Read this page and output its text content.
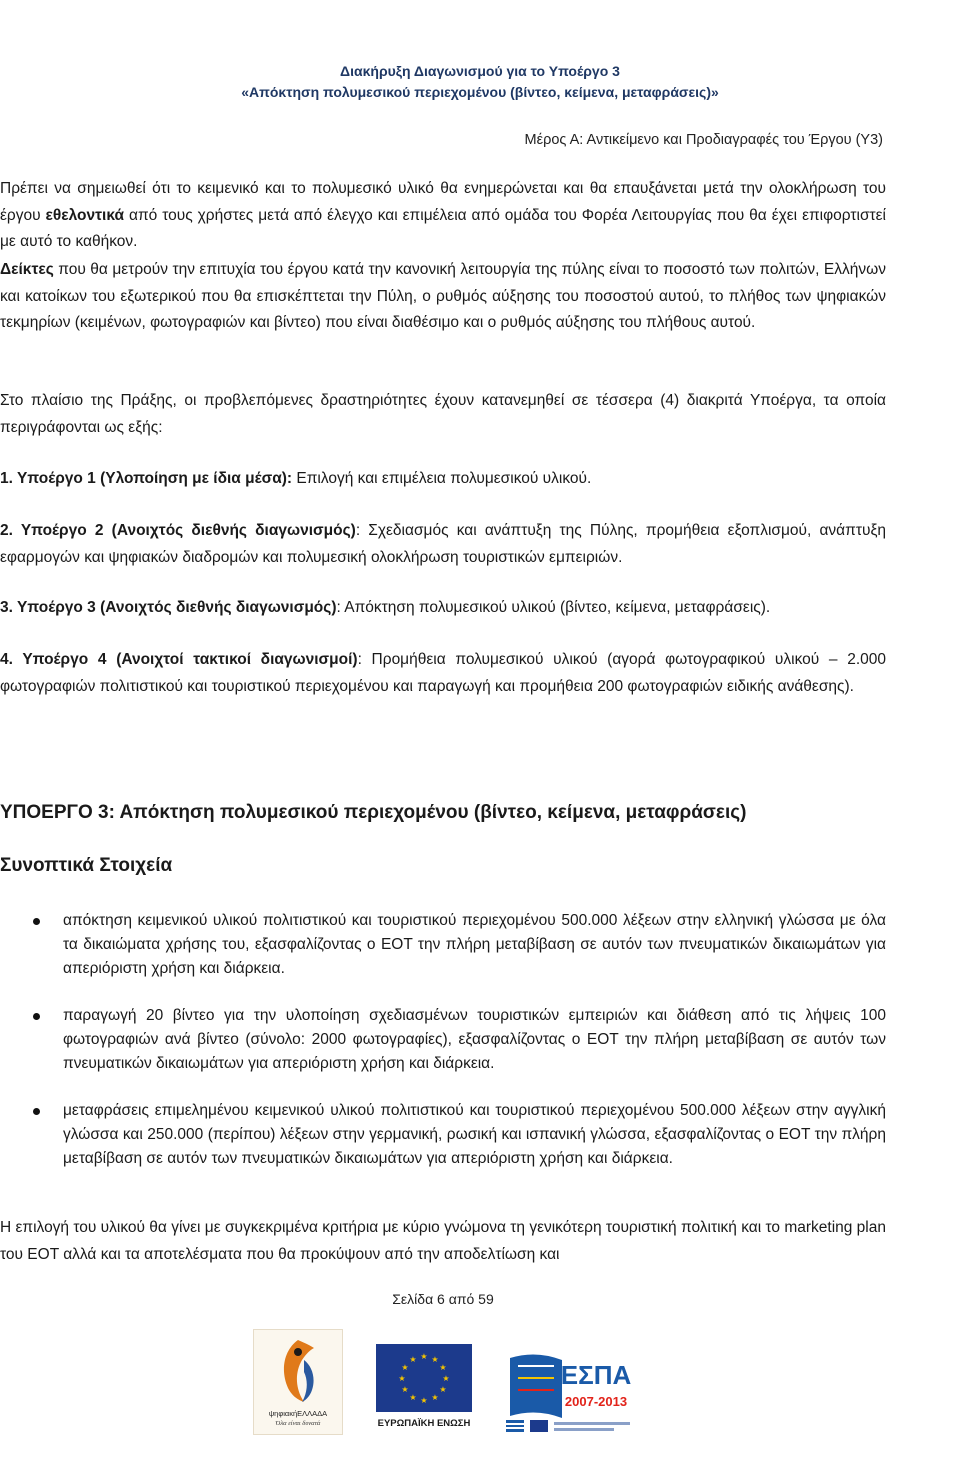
Διακήρυξη Διαγωνισμού για το Υποέργο 3
«Απόκτηση πολυμεσικού περιεχομένου (βίντεο, κείμενα, μεταφράσεις)»
Μέρος Α: Αντικείμενο και Προδιαγραφές του Έργου (Υ3)

Πρέπει να σημειωθεί ότι το κειμενικό και το πολυμεσικό υλικό θα ενημερώνεται και θα επαυξάνεται μετά την ολοκλήρωση του έργου εθελοντικά από τους χρήστες μετά από έλεγχο και επιμέλεια από ομάδα του Φορέα Λειτουργίας που θα έχει επιφορτιστεί με αυτό το καθήκον.

Δείκτες που θα μετρούν την επιτυχία του έργου κατά την κανονική λειτουργία της πύλης είναι το ποσοστό των πολιτών, Ελλήνων και κατοίκων του εξωτερικού που θα επισκέπτεται την Πύλη, ο ρυθμός αύξησης του ποσοστού αυτού, το πλήθος των ψηφιακών τεκμηρίων (κειμένων, φωτογραφιών και βίντεο) που είναι διαθέσιμο και ο ρυθμός αύξησης του πλήθους αυτού.

Στο πλαίσιο της Πράξης, οι προβλεπόμενες δραστηριότητες έχουν κατανεμηθεί σε τέσσερα (4) διακριτά Υποέργα, τα οποία περιγράφονται ως εξής:

1. Υποέργο 1 (Υλοποίηση με ίδια μέσα): Επιλογή και επιμέλεια πολυμεσικού υλικού.

2. Υποέργο 2 (Ανοιχτός διεθνής διαγωνισμός): Σχεδιασμός και ανάπτυξη της Πύλης, προμήθεια εξοπλισμού, ανάπτυξη εφαρμογών και ψηφιακών διαδρομών και πολυμεσική ολοκλήρωση τουριστικών εμπειριών.

3. Υποέργο 3 (Ανοιχτός διεθνής διαγωνισμός): Απόκτηση πολυμεσικού υλικού (βίντεο, κείμενα, μεταφράσεις).

4. Υποέργο 4 (Ανοιχτοί τακτικοί διαγωνισμοί): Προμήθεια πολυμεσικού υλικού (αγορά φωτογραφικού υλικού – 2.000 φωτογραφιών πολιτιστικού και τουριστικού περιεχομένου και παραγωγή και προμήθεια 200 φωτογραφιών ειδικής ανάθεσης).

ΥΠΟΕΡΓΟ 3: Απόκτηση πολυμεσικού περιεχομένου (βίντεο, κείμενα, μεταφράσεις)
Συνοπτικά Στοιχεία
απόκτηση κειμενικού υλικού πολιτιστικού και τουριστικού περιεχομένου 500.000 λέξεων στην ελληνική γλώσσα με όλα τα δικαιώματα χρήσης του, εξασφαλίζοντας ο ΕΟΤ την πλήρη μεταβίβαση σε αυτόν των πνευματικών δικαιωμάτων για απεριόριστη χρήση και διάρκεια.
παραγωγή 20 βίντεο για την υλοποίηση σχεδιασμένων τουριστικών εμπειριών και διάθεση από τις λήψεις 100 φωτογραφιών ανά βίντεο (σύνολο: 2000 φωτογραφίες), εξασφαλίζοντας ο ΕΟΤ την πλήρη μεταβίβαση σε αυτόν των πνευματικών δικαιωμάτων για απεριόριστη χρήση και διάρκεια.
μεταφράσεις επιμελημένου κειμενικού υλικού πολιτιστικού και τουριστικού περιεχομένου 500.000 λέξεων στην αγγλική γλώσσα και 250.000 (περίπου) λέξεων στην γερμανική, ρωσική και ισπανική γλώσσα, εξασφαλίζοντας ο ΕΟΤ την πλήρη μεταβίβαση σε αυτόν των πνευματικών δικαιωμάτων για απεριόριστη χρήση και διάρκεια.

Η επιλογή του υλικού θα γίνει με συγκεκριμένα κριτήρια με κύριο γνώμονα τη γενικότερη τουριστική πολιτική και το marketing plan του ΕΟΤ αλλά και τα αποτελέσματα που θα προκύψουν από την αποδελτίωση και

Σελίδα 6 από 59
ψηφιακήΕΛΛΑΔΑ
Όλα είναι δυνατά
★ ★
★
★
★
★
★
★
★
★
★
★
ΕΥΡΩΠΑΪΚΗ ΕΝΩΣΗ
ΕΣΠΑ
2007-2013
